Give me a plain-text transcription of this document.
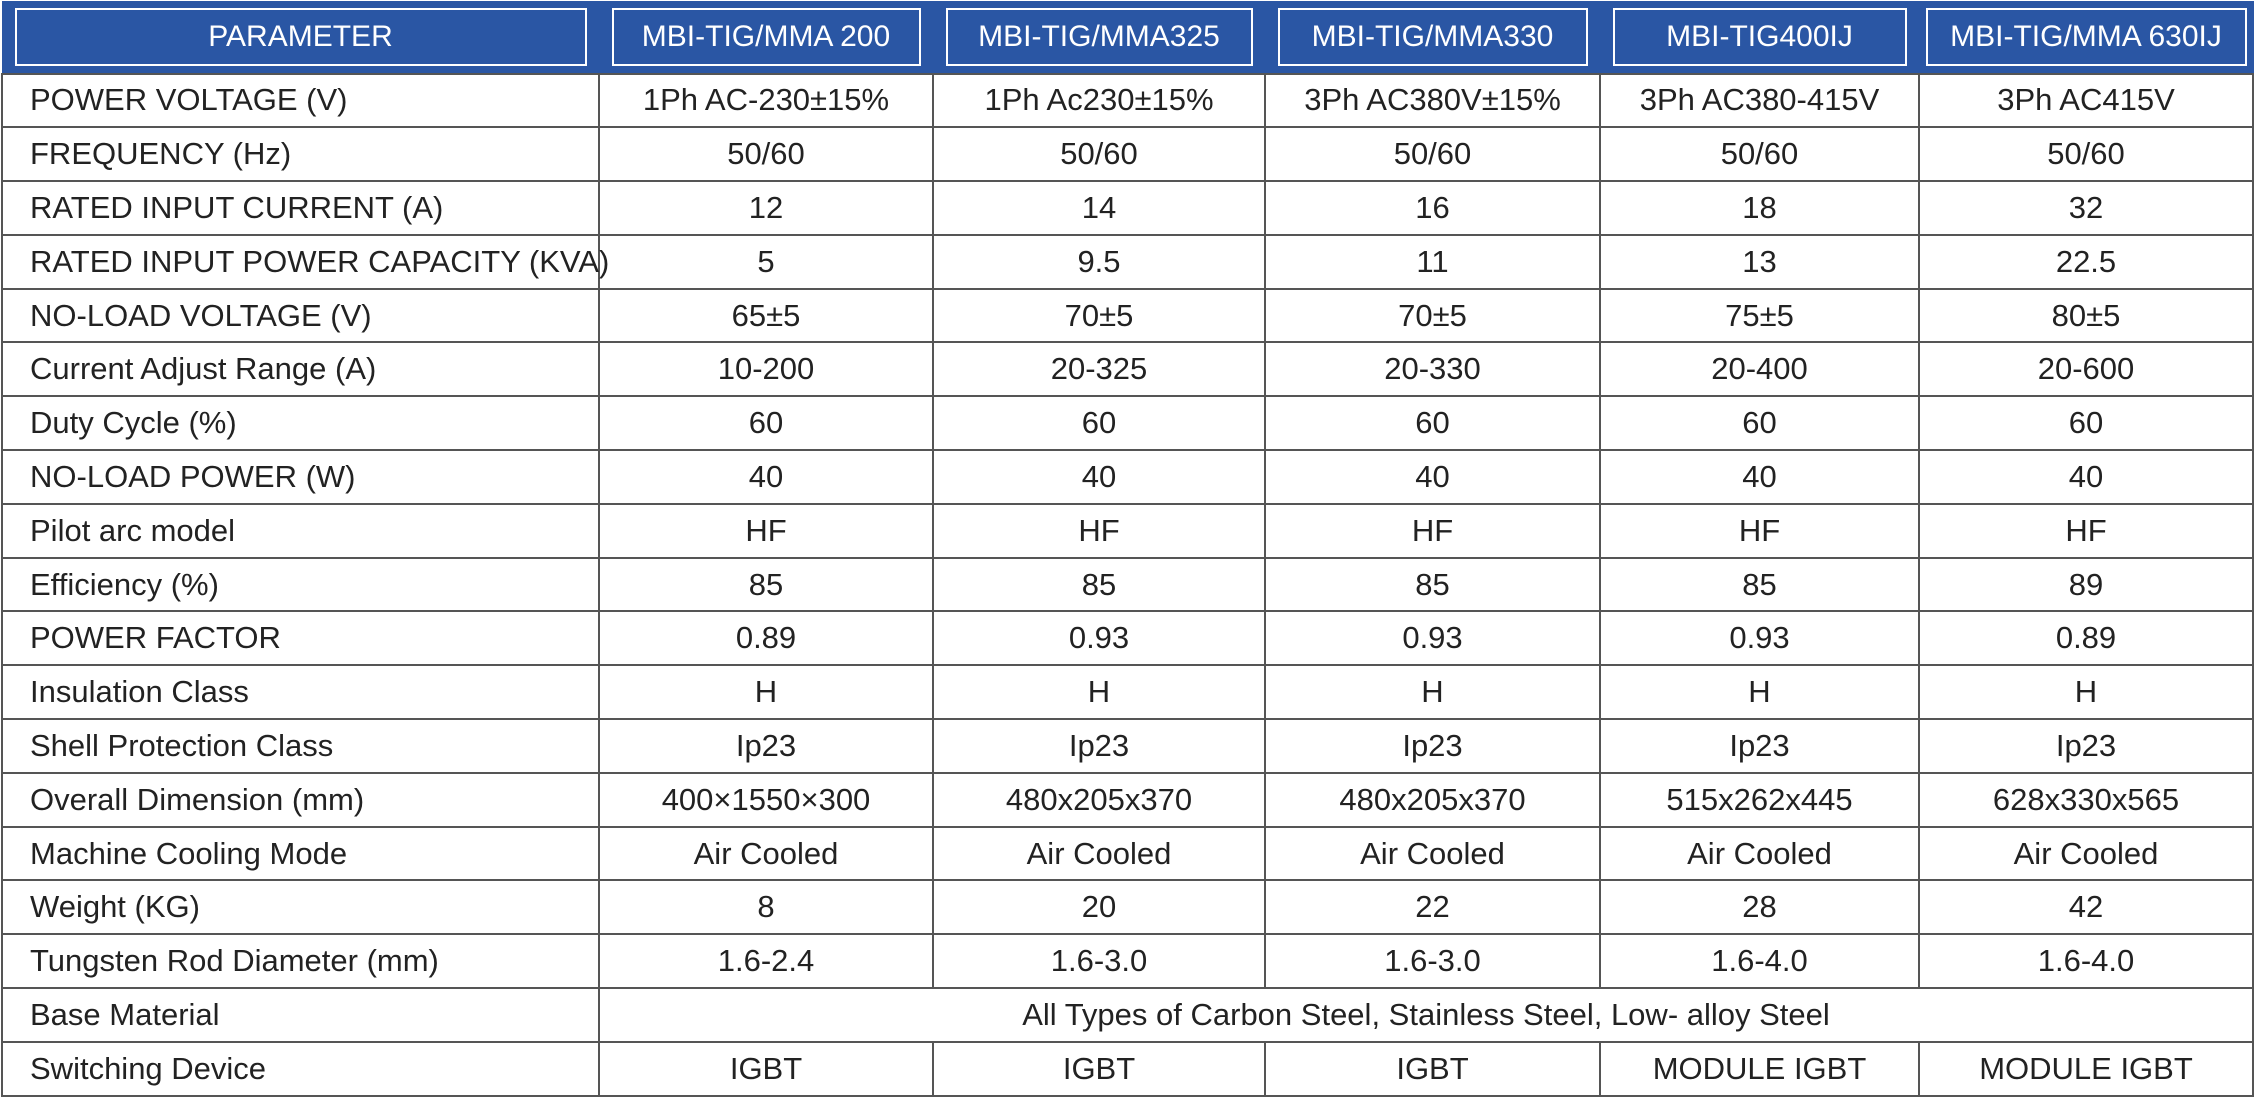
PARAMETER	MBI-TIG/MMA 200	MBI-TIG/MMA325	MBI-TIG/MMA330	MBI-TIG400IJ	MBI-TIG/MMA 630IJ

POWER VOLTAGE (V)	1Ph AC-230±15%	1Ph Ac230±15%	3Ph AC380V±15%	3Ph AC380-415V	3Ph AC415V
FREQUENCY (Hz)	50/60	50/60	50/60	50/60	50/60
RATED INPUT CURRENT (A)	12	14	16	18	32
RATED INPUT POWER CAPACITY (KVA)	5	9.5	11	13	22.5
NO-LOAD VOLTAGE (V)	65±5	70±5	70±5	75±5	80±5
Current Adjust Range (A)	10-200	20-325	20-330	20-400	20-600
Duty Cycle (%)	60	60	60	60	60
NO-LOAD POWER (W)	40	40	40	40	40
Pilot arc model	HF	HF	HF	HF	HF
Efficiency (%)	85	85	85	85	89
POWER FACTOR	0.89	0.93	0.93	0.93	0.89
Insulation Class	H	H	H	H	H
Shell Protection Class	Ip23	Ip23	Ip23	Ip23	Ip23
Overall Dimension (mm)	400×1550×300	480x205x370	480x205x370	515x262x445	628x330x565
Machine Cooling Mode	Air Cooled	Air Cooled	Air Cooled	Air Cooled	Air Cooled
Weight (KG)	8	20	22	28	42
Tungsten Rod Diameter (mm)	1.6-2.4	1.6-3.0	1.6-3.0	1.6-4.0	1.6-4.0
Base Material	All Types of Carbon Steel, Stainless Steel, Low- alloy Steel				
Switching Device	IGBT	IGBT	IGBT	MODULE IGBT	MODULE IGBT
